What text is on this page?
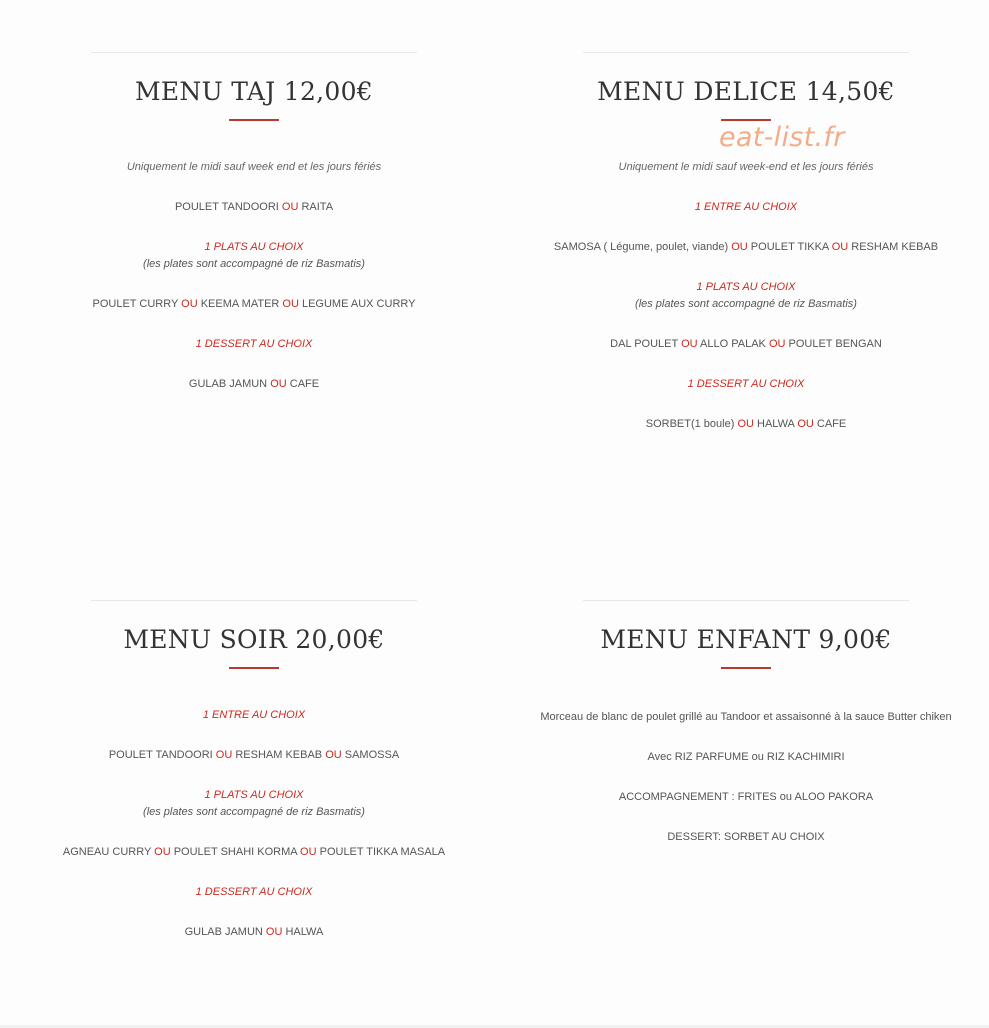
MENU TAJ 12,00€
Uniquement le midi sauf week end et les jours fériés
POULET TANDOORI OU RAITA
1 PLATS AU CHOIX
(les plates sont accompagné de riz Basmatis)
POULET CURRY OU KEEMA MATER OU LEGUME AUX CURRY
1 DESSERT AU CHOIX
GULAB JAMUN OU CAFE
MENU DELICE 14,50€
Uniquement le midi sauf week-end et les jours fériés
1 ENTRE AU CHOIX
SAMOSA ( Légume, poulet, viande) OU POULET TIKKA OU RESHAM KEBAB
1 PLATS AU CHOIX
(les plates sont accompagné de riz Basmatis)
DAL POULET OU ALLO PALAK OU POULET BENGAN
1 DESSERT AU CHOIX
SORBET(1 boule) OU HALWA OU CAFE
MENU SOIR 20,00€
1 ENTRE AU CHOIX
POULET TANDOORI OU RESHAM KEBAB OU SAMOSSA
1 PLATS AU CHOIX
(les plates sont accompagné de riz Basmatis)
AGNEAU CURRY OU POULET SHAHI KORMA OU POULET TIKKA MASALA
1 DESSERT AU CHOIX
GULAB JAMUN OU HALWA
MENU ENFANT 9,00€
Morceau de blanc de poulet grillé au Tandoor et assaisonné à la sauce Butter chiken
Avec RIZ PARFUME ou RIZ KACHIMIRI
ACCOMPAGNEMENT : FRITES ou ALOO PAKORA
DESSERT: SORBET AU CHOIX
eat-list.fr
